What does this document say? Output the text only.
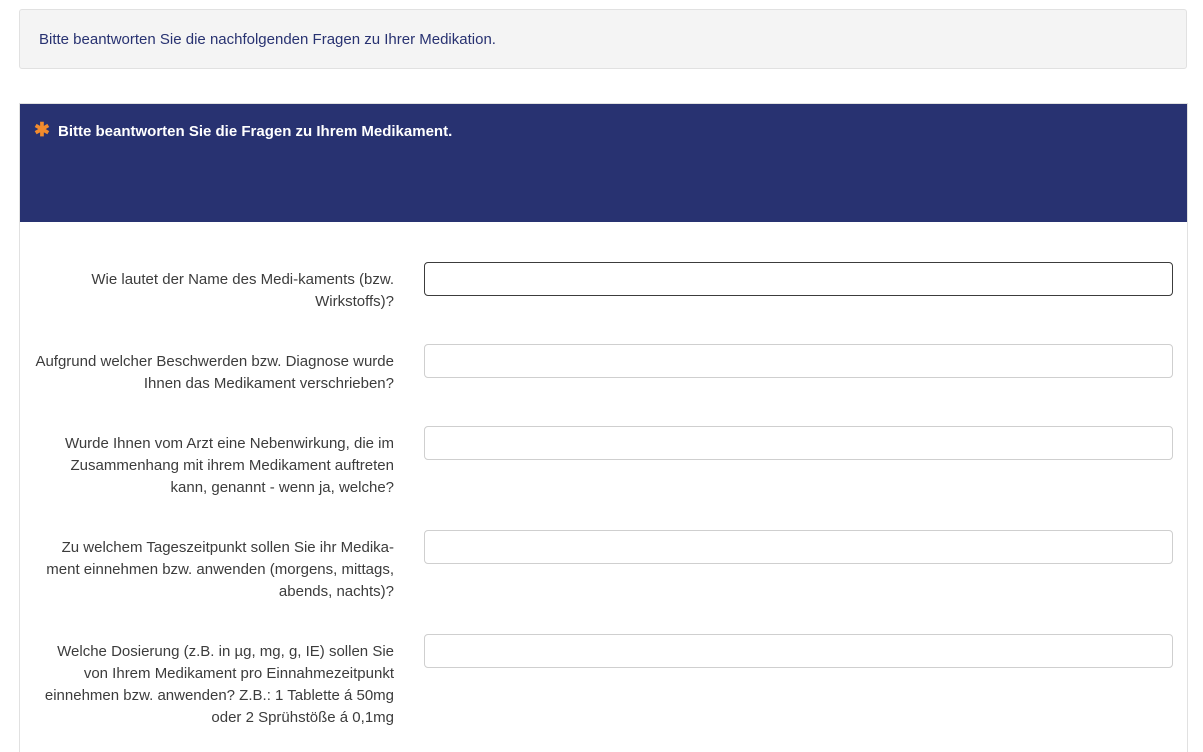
Bitte beantworten Sie die nachfolgenden Fragen zu Ihrer Medikation.
✱ Bitte beantworten Sie die Fragen zu Ihrem Medikament.
Wie lautet der Name des Medi-kaments (bzw. Wirkstoffs)?
Aufgrund welcher Beschwerden bzw. Diagnose wurde Ihnen das Medikament verschrieben?
Wurde Ihnen vom Arzt eine Nebenwirkung, die im Zusammenhang mit ihrem Medikament auftreten kann, genannt - wenn ja, welche?
Zu welchem Tageszeitpunkt sollen Sie ihr Medika-ment einnehmen bzw. anwenden (morgens, mittags, abends, nachts)?
Welche Dosierung (z.B. in µg, mg, g, IE) sollen Sie von Ihrem Medikament pro Einnahmezeitpunkt einnehmen bzw. anwenden? Z.B.: 1 Tablette á 50mg oder 2 Sprühstöße á 0,1mg
